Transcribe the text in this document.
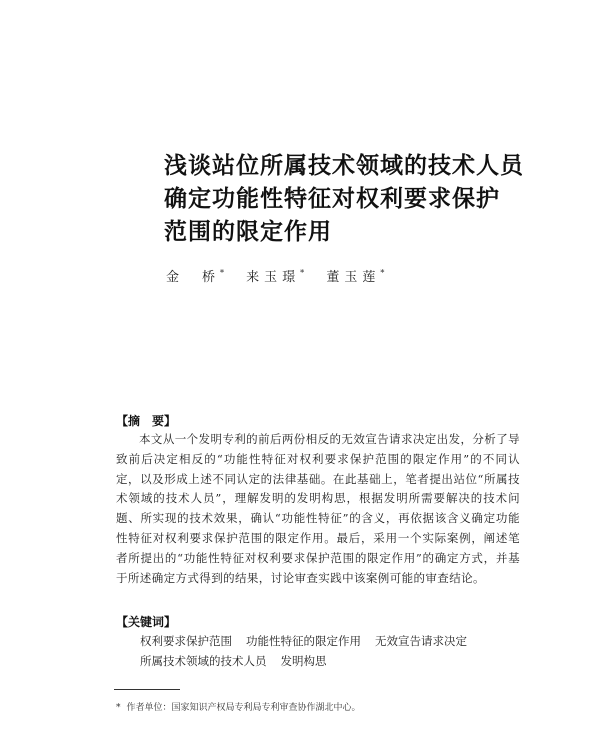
浅谈站位所属技术领域的技术人员
确定功能性特征对权利要求保护
范围的限定作用
金　桥* 来玉璟* 董玉莲*
【摘　要】
本文从一个发明专利的前后两份相反的无效宣告请求决定出发，分析了导致前后决定相反的“功能性特征对权利要求保护范围的限定作用”的不同认定，以及形成上述不同认定的法律基础。在此基础上，笔者提出站位“所属技术领域的技术人员”，理解发明的发明构思，根据发明所需要解决的技术问题、所实现的技术效果，确认“功能性特征”的含义，再依据该含义确定功能性特征对权利要求保护范围的限定作用。最后，采用一个实际案例，阐述笔者所提出的“功能性特征对权利要求保护范围的限定作用”的确定方式，并基于所述确定方式得到的结果，讨论审查实践中该案例可能的审查结论。
【关键词】
权利要求保护范围 功能性特征的限定作用 无效宣告请求决定
所属技术领域的技术人员 发明构思
* 作者单位：国家知识产权局专利局专利审查协作湖北中心。
